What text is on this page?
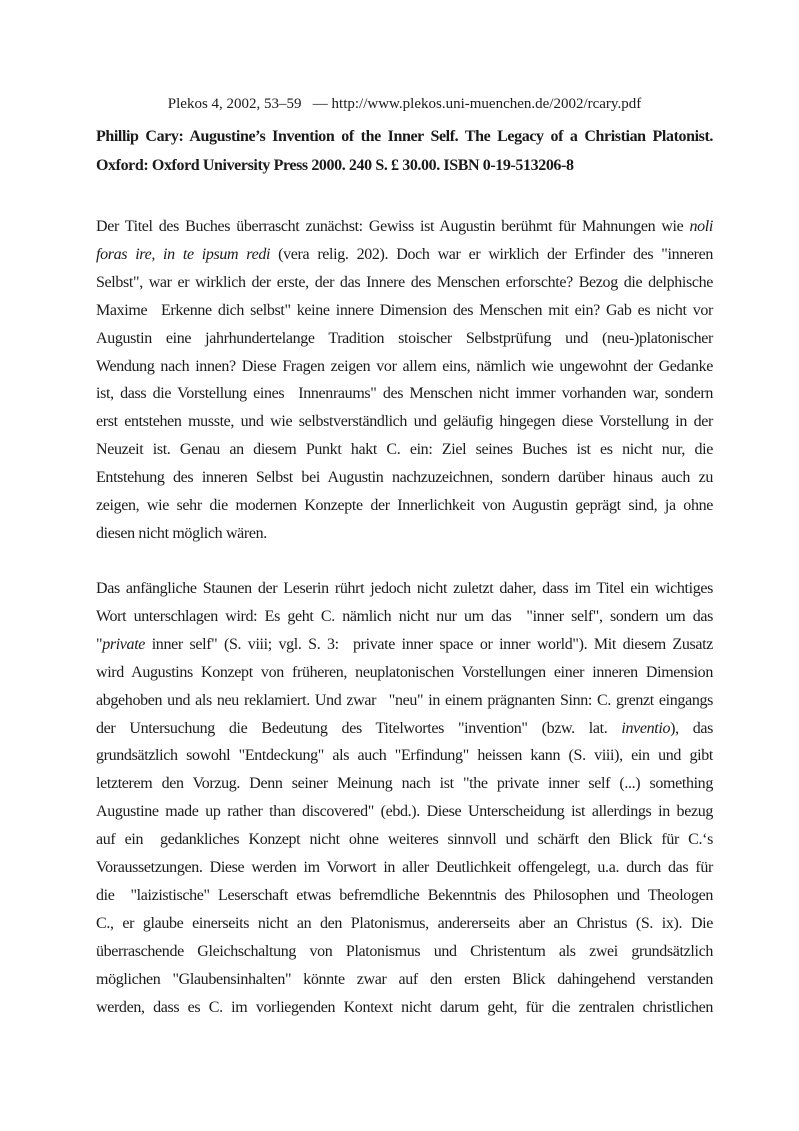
Plekos 4, 2002, 53–59  — http://www.plekos.uni-muenchen.de/2002/rcary.pdf
Phillip Cary: Augustine’s Invention of the Inner Self. The Legacy of a Christian Platonist.
Oxford: Oxford University Press 2000. 240 S. £ 30.00. ISBN 0-19-513206-8
Der Titel des Buches überrascht zunächst: Gewiss ist Augustin berühmt für Mahnungen wie noli
foras ire, in te ipsum redi (vera relig. 202). Doch war er wirklich der Erfinder des "inneren
Selbst", war er wirklich der erste, der das Innere des Menschen erforschte? Bezog die delphische
Maxime  Erkenne dich selbst" keine innere Dimension des Menschen mit ein? Gab es nicht vor
Augustin eine jahrhundertelange Tradition stoischer Selbstprüfung und (neu-)platonischer
Wendung nach innen? Diese Fragen zeigen vor allem eins, nämlich wie ungewohnt der Gedanke
ist, dass die Vorstellung eines  Innenraums" des Menschen nicht immer vorhanden war, sondern
erst entstehen musste, und wie selbstverständlich und geläufig hingegen diese Vorstellung in der
Neuzeit ist. Genau an diesem Punkt hakt C. ein: Ziel seines Buches ist es nicht nur, die
Entstehung des inneren Selbst bei Augustin nachzuzeichnen, sondern darüber hinaus auch zu
zeigen, wie sehr die modernen Konzepte der Innerlichkeit von Augustin geprägt sind, ja ohne
diesen nicht möglich wären.
Das anfängliche Staunen der Leserin rührt jedoch nicht zuletzt daher, dass im Titel ein wichtiges
Wort unterschlagen wird: Es geht C. nämlich nicht nur um das  "inner self", sondern um das
"private inner self" (S. viii; vgl. S. 3:  private inner space or inner world"). Mit diesem Zusatz
wird Augustins Konzept von früheren, neuplatonischen Vorstellungen einer inneren Dimension
abgehoben und als neu reklamiert. Und zwar  "neu" in einem prägnanten Sinn: C. grenzt eingangs
der Untersuchung die Bedeutung des Titelwortes "invention" (bzw. lat. inventio), das
grundsätzlich sowohl "Entdeckung" als auch "Erfindung" heissen kann (S. viii), ein und gibt
letzterem den Vorzug. Denn seiner Meinung nach ist "the private inner self (...) something
Augustine made up rather than discovered" (ebd.). Diese Unterscheidung ist allerdings in bezug
auf ein  gedankliches Konzept nicht ohne weiteres sinnvoll und schärft den Blick für C.‘s
Voraussetzungen. Diese werden im Vorwort in aller Deutlichkeit offengelegt, u.a. durch das für
die  "laizistische" Leserschaft etwas befremdliche Bekenntnis des Philosophen und Theologen
C., er glaube einerseits nicht an den Platonismus, andererseits aber an Christus (S. ix). Die
überraschende Gleichschaltung von Platonismus und Christentum als zwei grundsätzlich
möglichen "Glaubensinhalten" könnte zwar auf den ersten Blick dahingehend verstanden
werden, dass es C. im vorliegenden Kontext nicht darum geht, für die zentralen christlichen
